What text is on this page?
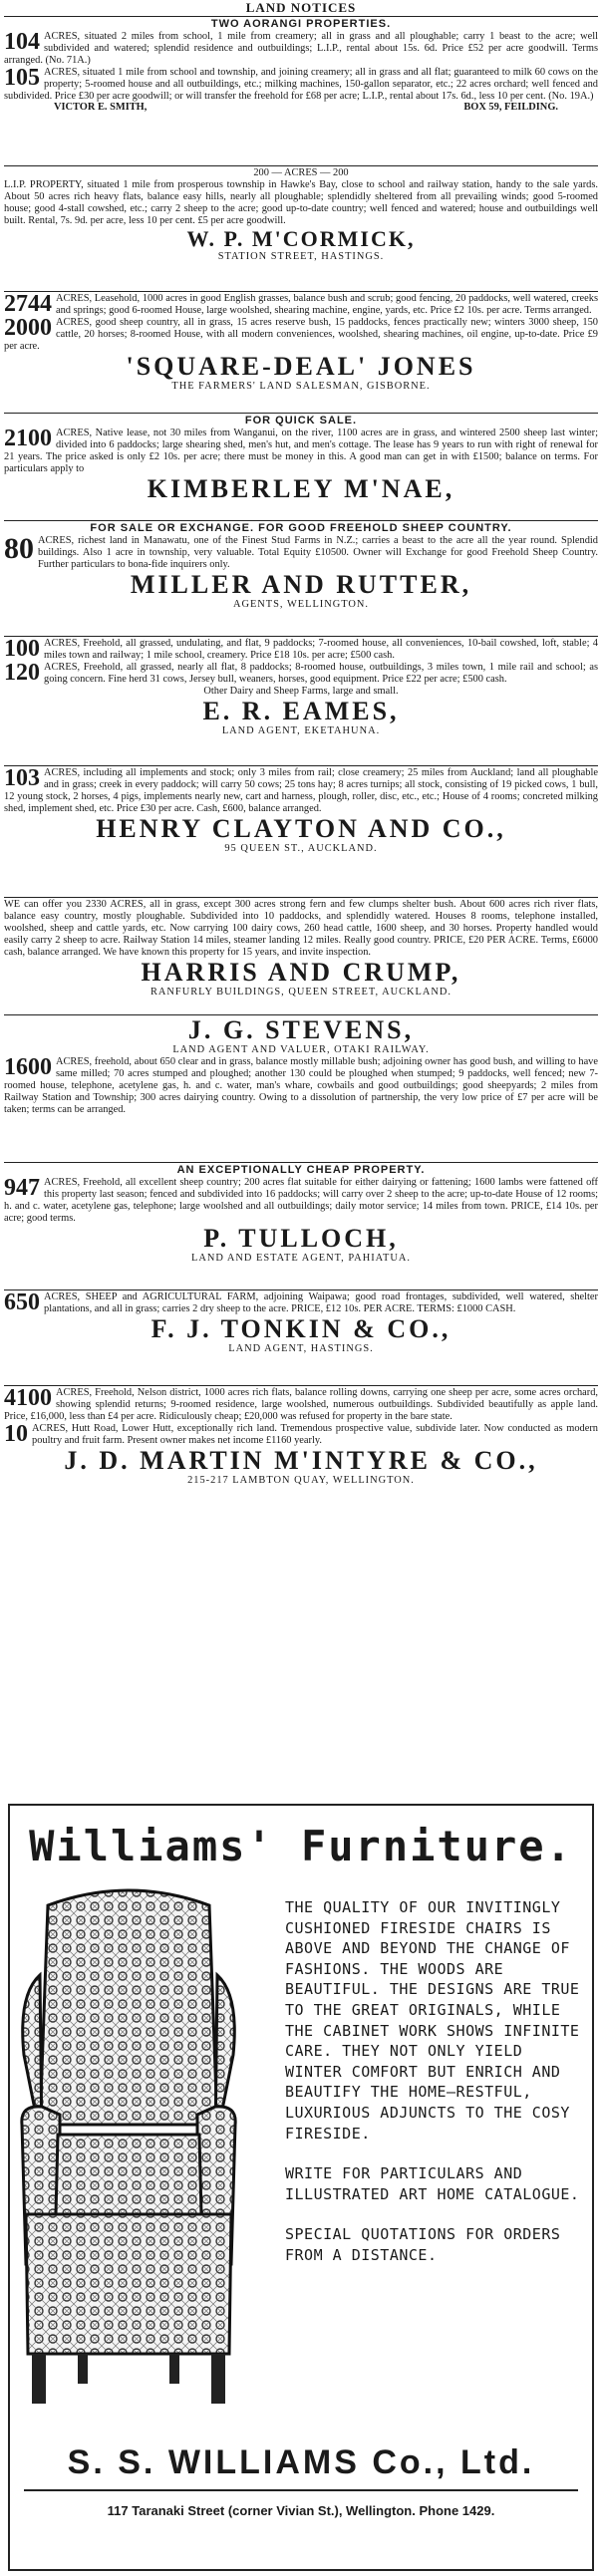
LAND NOTICES
TWO AORANGI PROPERTIES.

104 ACRES, situated 2 miles from school, 1 mile from creamery; all in grass and all ploughable; carry 1 beast to the acre; well subdivided and watered; splendid residence and outbuildings; L.I.P., rental about 15s. 6d. Price £52 per acre goodwill. Terms arranged. (No. 71A.)

105 ACRES, situated 1 mile from school and township, and joining creamery; all in grass and all flat; guaranteed to milk 60 cows on the property; 5-roomed house and all outbuildings, etc.; milking machines, 150-gallon separator, etc.; 22 acres orchard; well fenced and subdivided. Price £30 per acre goodwill; or will transfer the freehold for £68 per acre; L.I.P., rental about 17s. 6d., less 10 per cent. (No. 19A.)

VICTOR E. SMITH,	BOX 59, FEILDING.
200 — ACRES — 200

L.I.P. PROPERTY, situated 1 mile from prosperous township in Hawke's Bay, close to school and railway station, handy to the sale yards. About 50 acres rich heavy flats, balance easy hills, nearly all ploughable; splendidly sheltered from all prevailing winds; good 5-roomed house; good 4-stall cowshed, etc.; carry 2 sheep to the acre; good up-to-date country; well fenced and watered; house and outbuildings well built. Rental, 7s. 9d. per acre, less 10 per cent. £5 per acre goodwill.

W. P. M'CORMICK,
STATION STREET, HASTINGS.

2744 ACRES, Leasehold, 1000 acres in good English grasses, balance bush and scrub; good fencing, 20 paddocks, well watered, creeks and springs; good 6-roomed House, large woolshed, shearing machine, engine, yards, etc. Price £2 10s. per acre. Terms arranged.

2000 ACRES, good sheep country, all in grass, 15 acres reserve bush, 15 paddocks, fences practically new; winters 3000 sheep, 150 cattle, 20 horses; 8-roomed House, with all modern conveniences, woolshed, shearing machines, oil engine, up-to-date. Price £9 per acre.

'SQUARE-DEAL' JONES
THE FARMERS' LAND SALESMAN, GISBORNE.
FOR QUICK SALE.

2100 ACRES, Native lease, not 30 miles from Wanganui, on the river, 1100 acres are in grass, and wintered 2500 sheep last winter; divided into 6 paddocks; large shearing shed, men's hut, and men's cottage. The lease has 9 years to run with right of renewal for 21 years. The price asked is only £2 10s. per acre; there must be money in this. A good man can get in with £1500; balance on terms. For particulars apply to

KIMBERLEY M'NAE,
FOR SALE OR EXCHANGE. FOR GOOD FREEHOLD SHEEP COUNTRY.

80 ACRES, richest land in Manawatu, one of the Finest Stud Farms in N.Z.; carries a beast to the acre all the year round. Splendid buildings. Also 1 acre in township, very valuable. Total Equity £10500. Owner will Exchange for good Freehold Sheep Country. Further particulars to bona-fide inquirers only.

MILLER AND RUTTER,
AGENTS, WELLINGTON.

100 ACRES, Freehold, all grassed, undulating, and flat, 9 paddocks; 7-roomed house, all conveniences, 10-bail cowshed, loft, stable; 4 miles town and railway; 1 mile school, creamery. Price £18 10s. per acre; £500 cash.

120 ACRES, Freehold, all grassed, nearly all flat, 8 paddocks; 8-roomed house, outbuildings, 3 miles town, 1 mile rail and school; as going concern. Fine herd 31 cows, Jersey bull, weaners, horses, good equipment. Price £22 per acre; £500 cash.

Other Dairy and Sheep Farms, large and small.
E. R. EAMES,
LAND AGENT, EKETAHUNA.

103 ACRES, including all implements and stock; only 3 miles from rail; close creamery; 25 miles from Auckland; land all ploughable and in grass; creek in every paddock; will carry 50 cows; 25 tons hay; 8 acres turnips; all stock, consisting of 19 picked cows, 1 bull, 12 young stock, 2 horses, 4 pigs, implements nearly new, cart and harness, plough, roller, disc, etc., etc.; House of 4 rooms; concreted milking shed, implement shed, etc. Price £30 per acre. Cash, £600, balance arranged.

HENRY CLAYTON AND CO.,
95 QUEEN ST., AUCKLAND.

WE can offer you 2330 ACRES, all in grass, except 300 acres strong fern and few clumps shelter bush. About 600 acres rich river flats, balance easy country, mostly ploughable. Subdivided into 10 paddocks, and splendidly watered. Houses 8 rooms, telephone installed, woolshed, sheep and cattle yards, etc. Now carrying 100 dairy cows, 260 head cattle, 1600 sheep, and 30 horses. Property handled would easily carry 2 sheep to acre. Railway Station 14 miles, steamer landing 12 miles. Really good country. PRICE, £20 PER ACRE. Terms, £6000 cash, balance arranged. We have known this property for 15 years, and invite inspection.

HARRIS AND CRUMP,
RANFURLY BUILDINGS, QUEEN STREET, AUCKLAND.
J. G. STEVENS,
LAND AGENT AND VALUER, OTAKI RAILWAY.

1600 ACRES, freehold, about 650 clear and in grass, balance mostly millable bush; adjoining owner has good bush, and willing to have same milled; 70 acres stumped and ploughed; another 130 could be ploughed when stumped; 9 paddocks, well fenced; new 7-roomed house, telephone, acetylene gas, h. and c. water, man's whare, cowbails and good outbuildings; good sheepyards; 2 miles from Railway Station and Township; 300 acres dairying country. Owing to a dissolution of partnership, the very low price of £7 per acre will be taken; terms can be arranged.

AN EXCEPTIONALLY CHEAP PROPERTY.

947 ACRES, Freehold, all excellent sheep country; 200 acres flat suitable for either dairying or fattening; 1600 lambs were fattened off this property last season; fenced and subdivided into 16 paddocks; will carry over 2 sheep to the acre; up-to-date House of 12 rooms; h. and c. water, acetylene gas, telephone; large woolshed and all outbuildings; daily motor service; 14 miles from town. PRICE, £14 10s. per acre; good terms.

P. TULLOCH,
LAND AND ESTATE AGENT, PAHIATUA.

650 ACRES, SHEEP and AGRICULTURAL FARM, adjoining Waipawa; good road frontages, subdivided, well watered, shelter plantations, and all in grass; carries 2 dry sheep to the acre. PRICE, £12 10s. PER ACRE. TERMS: £1000 CASH.

F. J. TONKIN & CO.,
LAND AGENT, HASTINGS.

4100 ACRES, Freehold, Nelson district, 1000 acres rich flats, balance rolling downs, carrying one sheep per acre, some acres orchard, showing splendid returns; 9-roomed residence, large woolshed, numerous outbuildings. Subdivided beautifully as apple land. Price, £16,000, less than £4 per acre. Ridiculously cheap; £20,000 was refused for property in the bare state.

10 ACRES, Hutt Road, Lower Hutt, exceptionally rich land. Tremendous prospective value, subdivide later. Now conducted as modern poultry and fruit farm. Present owner makes net income £1160 yearly.

J. D. MARTIN M'INTYRE & CO.,
215-217 LAMBTON QUAY, WELLINGTON.
Williams' Furniture.

THE QUALITY OF OUR INVITINGLY CUSHIONED FIRESIDE CHAIRS IS ABOVE AND BEYOND THE CHANGE OF FASHIONS. THE WOODS ARE BEAUTIFUL. THE DESIGNS ARE TRUE TO THE GREAT ORIGINALS, WHILE THE CABINET WORK SHOWS INFINITE CARE. THEY NOT ONLY YIELD WINTER COMFORT BUT ENRICH AND BEAUTIFY THE HOME—RESTFUL, LUXURIOUS ADJUNCTS TO THE COSY FIRESIDE.

WRITE FOR PARTICULARS AND ILLUSTRATED ART HOME CATALOGUE.

SPECIAL QUOTATIONS FOR ORDERS FROM A DISTANCE.

S. S. WILLIAMS Co., Ltd.
117 Taranaki Street (corner Vivian St.), Wellington. Phone 1429.
